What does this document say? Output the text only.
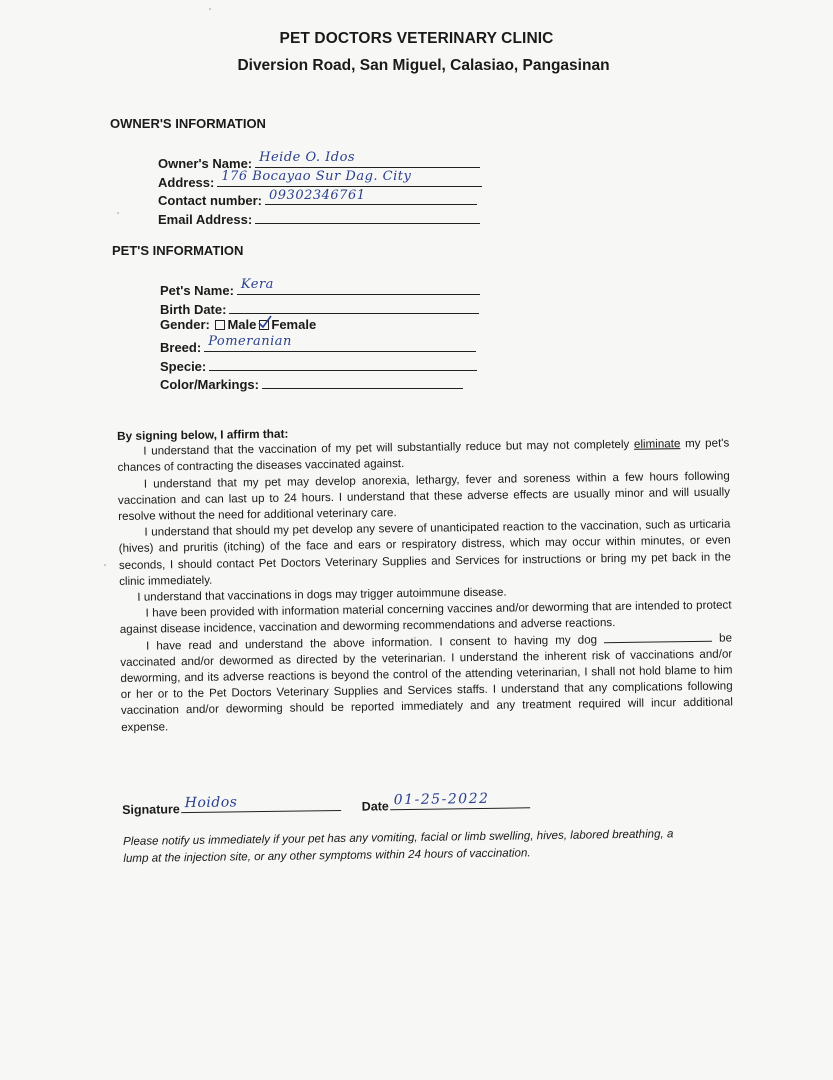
PET DOCTORS VETERINARY CLINIC
Diversion Road, San Miguel, Calasiao, Pangasinan
OWNER'S INFORMATION
Owner's Name: Heide O. Idos
Address: 176 Bocayao Sur Dag. City
Contact number: 09302346761
Email Address:
PET'S INFORMATION
Pet's Name: Kera
Birth Date:
Gender: Male Female
Breed: Pomeranian
Specie:
Color/Markings:
By signing below, I affirm that:

I understand that the vaccination of my pet will substantially reduce but may not completely eliminate my pet's chances of contracting the diseases vaccinated against.

I understand that my pet may develop anorexia, lethargy, fever and soreness within a few hours following vaccination and can last up to 24 hours. I understand that these adverse effects are usually minor and will usually resolve without the need for additional veterinary care.

I understand that should my pet develop any severe of unanticipated reaction to the vaccination, such as urticaria (hives) and pruritis (itching) of the face and ears or respiratory distress, which may occur within minutes, or even seconds, I should contact Pet Doctors Veterinary Supplies and Services for instructions or bring my pet back in the clinic immediately.

I understand that vaccinations in dogs may trigger autoimmune disease.

I have been provided with information material concerning vaccines and/or deworming that are intended to protect against disease incidence, vaccination and deworming recommendations and adverse reactions.

I have read and understand the above information. I consent to having my dog	be vaccinated and/or dewormed as directed by the veterinarian. I understand the inherent risk of vaccinations and/or deworming, and its adverse reactions is beyond the control of the attending veterinarian, I shall not hold blame to him or her or to the Pet Doctors Veterinary Supplies and Services staffs. I understand that any complications following vaccination and/or deworming should be reported immediately and any treatment required will incur additional expense.

Signature Hoidos	Date 01-25-2022
Please notify us immediately if your pet has any vomiting, facial or limb swelling, hives, labored breathing, a lump at the injection site, or any other symptoms within 24 hours of vaccination.
